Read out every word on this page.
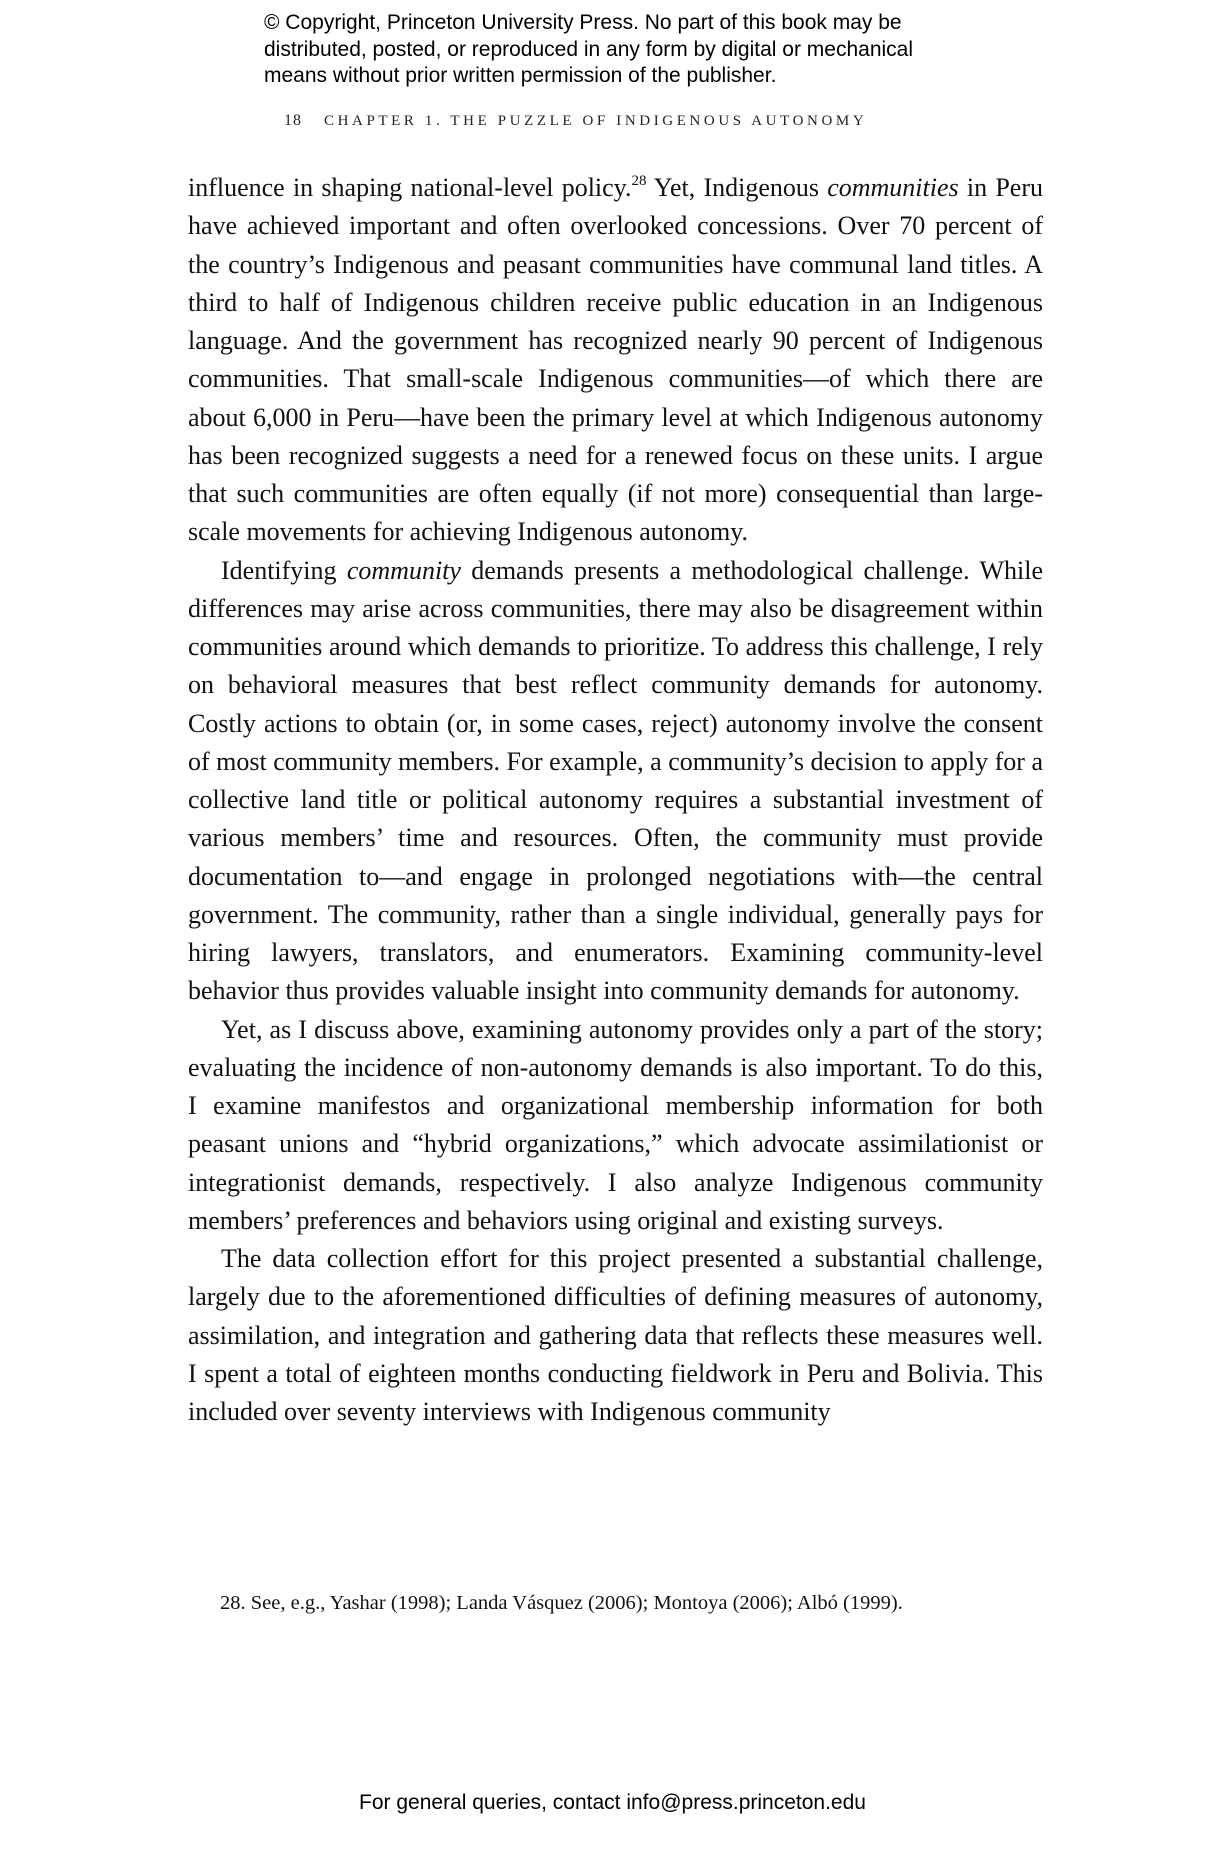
© Copyright, Princeton University Press. No part of this book may be
distributed, posted, or reproduced in any form by digital or mechanical
means without prior written permission of the publisher.
18 CHAPTER 1. THE PUZZLE OF INDIGENOUS AUTONOMY

influence in shaping national-level policy.$^{28}$ Yet, Indigenous communities in Peru have achieved important and often overlooked concessions. Over 70 percent of the country’s Indigenous and peasant communities have communal land titles. A third to half of Indigenous children receive public education in an Indigenous language. And the government has recognized nearly 90 percent of Indigenous communities. That small-scale Indigenous communities—of which there are about 6,000 in Peru—have been the primary level at which Indigenous autonomy has been recognized suggests a need for a renewed focus on these units. I argue that such communities are often equally (if not more) consequential than large-scale movements for achieving Indigenous autonomy.

Identifying community demands presents a methodological challenge. While differences may arise across communities, there may also be disagreement within communities around which demands to prioritize. To address this challenge, I rely on behavioral measures that best reflect community demands for autonomy. Costly actions to obtain (or, in some cases, reject) autonomy involve the consent of most community members. For example, a community’s decision to apply for a collective land title or political autonomy requires a substantial investment of various members’ time and resources. Often, the community must provide documentation to—and engage in prolonged negotiations with—the central government. The community, rather than a single individual, generally pays for hiring lawyers, translators, and enumerators. Examining community-level behavior thus provides valuable insight into community demands for autonomy.

Yet, as I discuss above, examining autonomy provides only a part of the story; evaluating the incidence of non-autonomy demands is also important. To do this, I examine manifestos and organizational membership information for both peasant unions and “hybrid organizations,” which advocate assimilationist or integrationist demands, respectively. I also analyze Indigenous community members’ preferences and behaviors using original and existing surveys.

The data collection effort for this project presented a substantial challenge, largely due to the aforementioned difficulties of defining measures of autonomy, assimilation, and integration and gathering data that reflects these measures well. I spent a total of eighteen months conducting fieldwork in Peru and Bolivia. This included over seventy interviews with Indigenous community

28. See, e.g., Yashar (1998); Landa Vásquez (2006); Montoya (2006); Albó (1999).
For general queries, contact info@press.princeton.edu
